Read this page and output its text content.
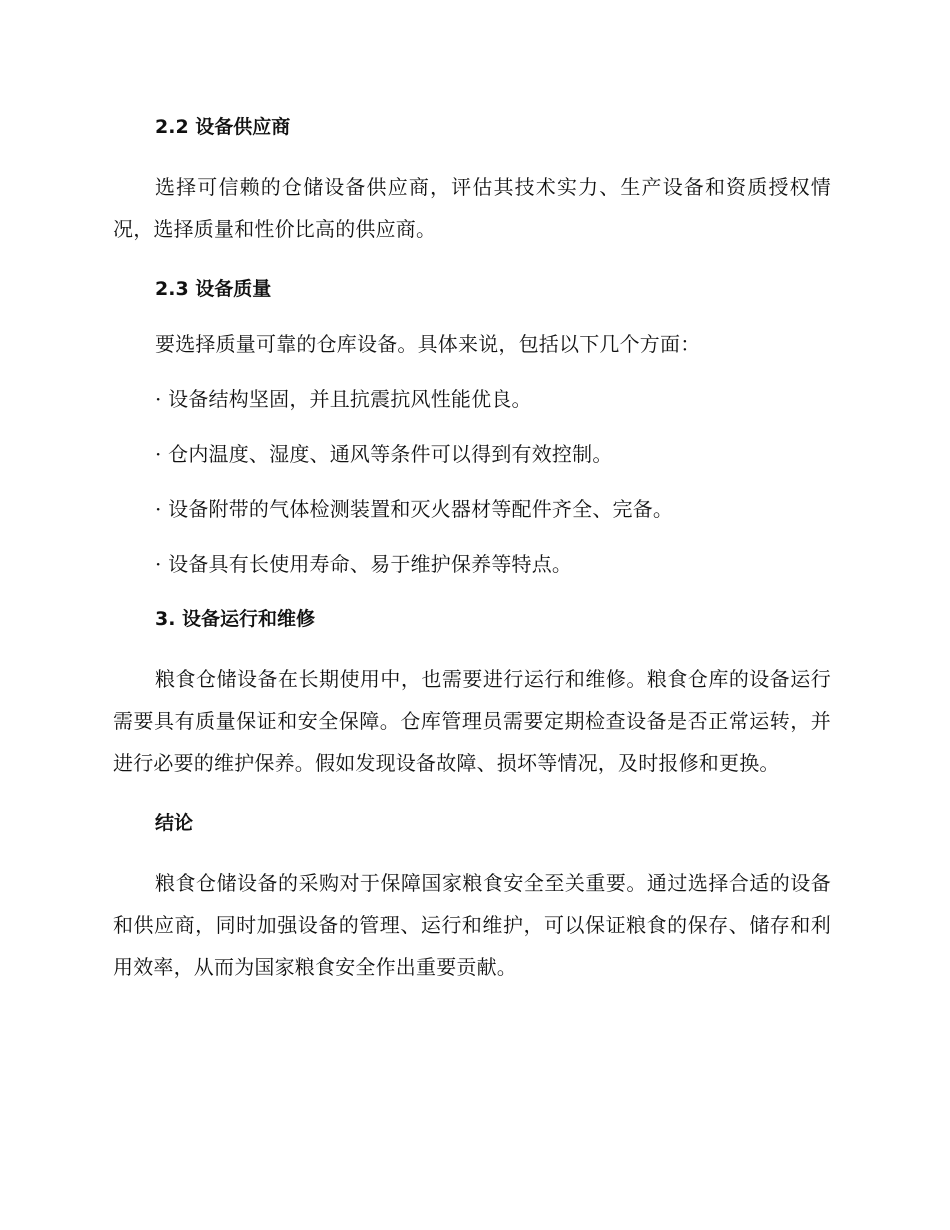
2.2 设备供应商

选择可信赖的仓储设备供应商，评估其技术实力、生产设备和资质授权情况，选择质量和性价比高的供应商。

2.3 设备质量
要选择质量可靠的仓库设备。具体来说，包括以下几个方面：
· 设备结构坚固，并且抗震抗风性能优良。
· 仓内温度、湿度、通风等条件可以得到有效控制。
· 设备附带的气体检测装置和灭火器材等配件齐全、完备。
· 设备具有长使用寿命、易于维护保养等特点。
3. 设备运行和维修

粮食仓储设备在长期使用中，也需要进行运行和维修。粮食仓库的设备运行需要具有质量保证和安全保障。仓库管理员需要定期检查设备是否正常运转，并进行必要的维护保养。假如发现设备故障、损坏等情况，及时报修和更换。

结论

粮食仓储设备的采购对于保障国家粮食安全至关重要。通过选择合适的设备和供应商，同时加强设备的管理、运行和维护，可以保证粮食的保存、储存和利用效率，从而为国家粮食安全作出重要贡献。
